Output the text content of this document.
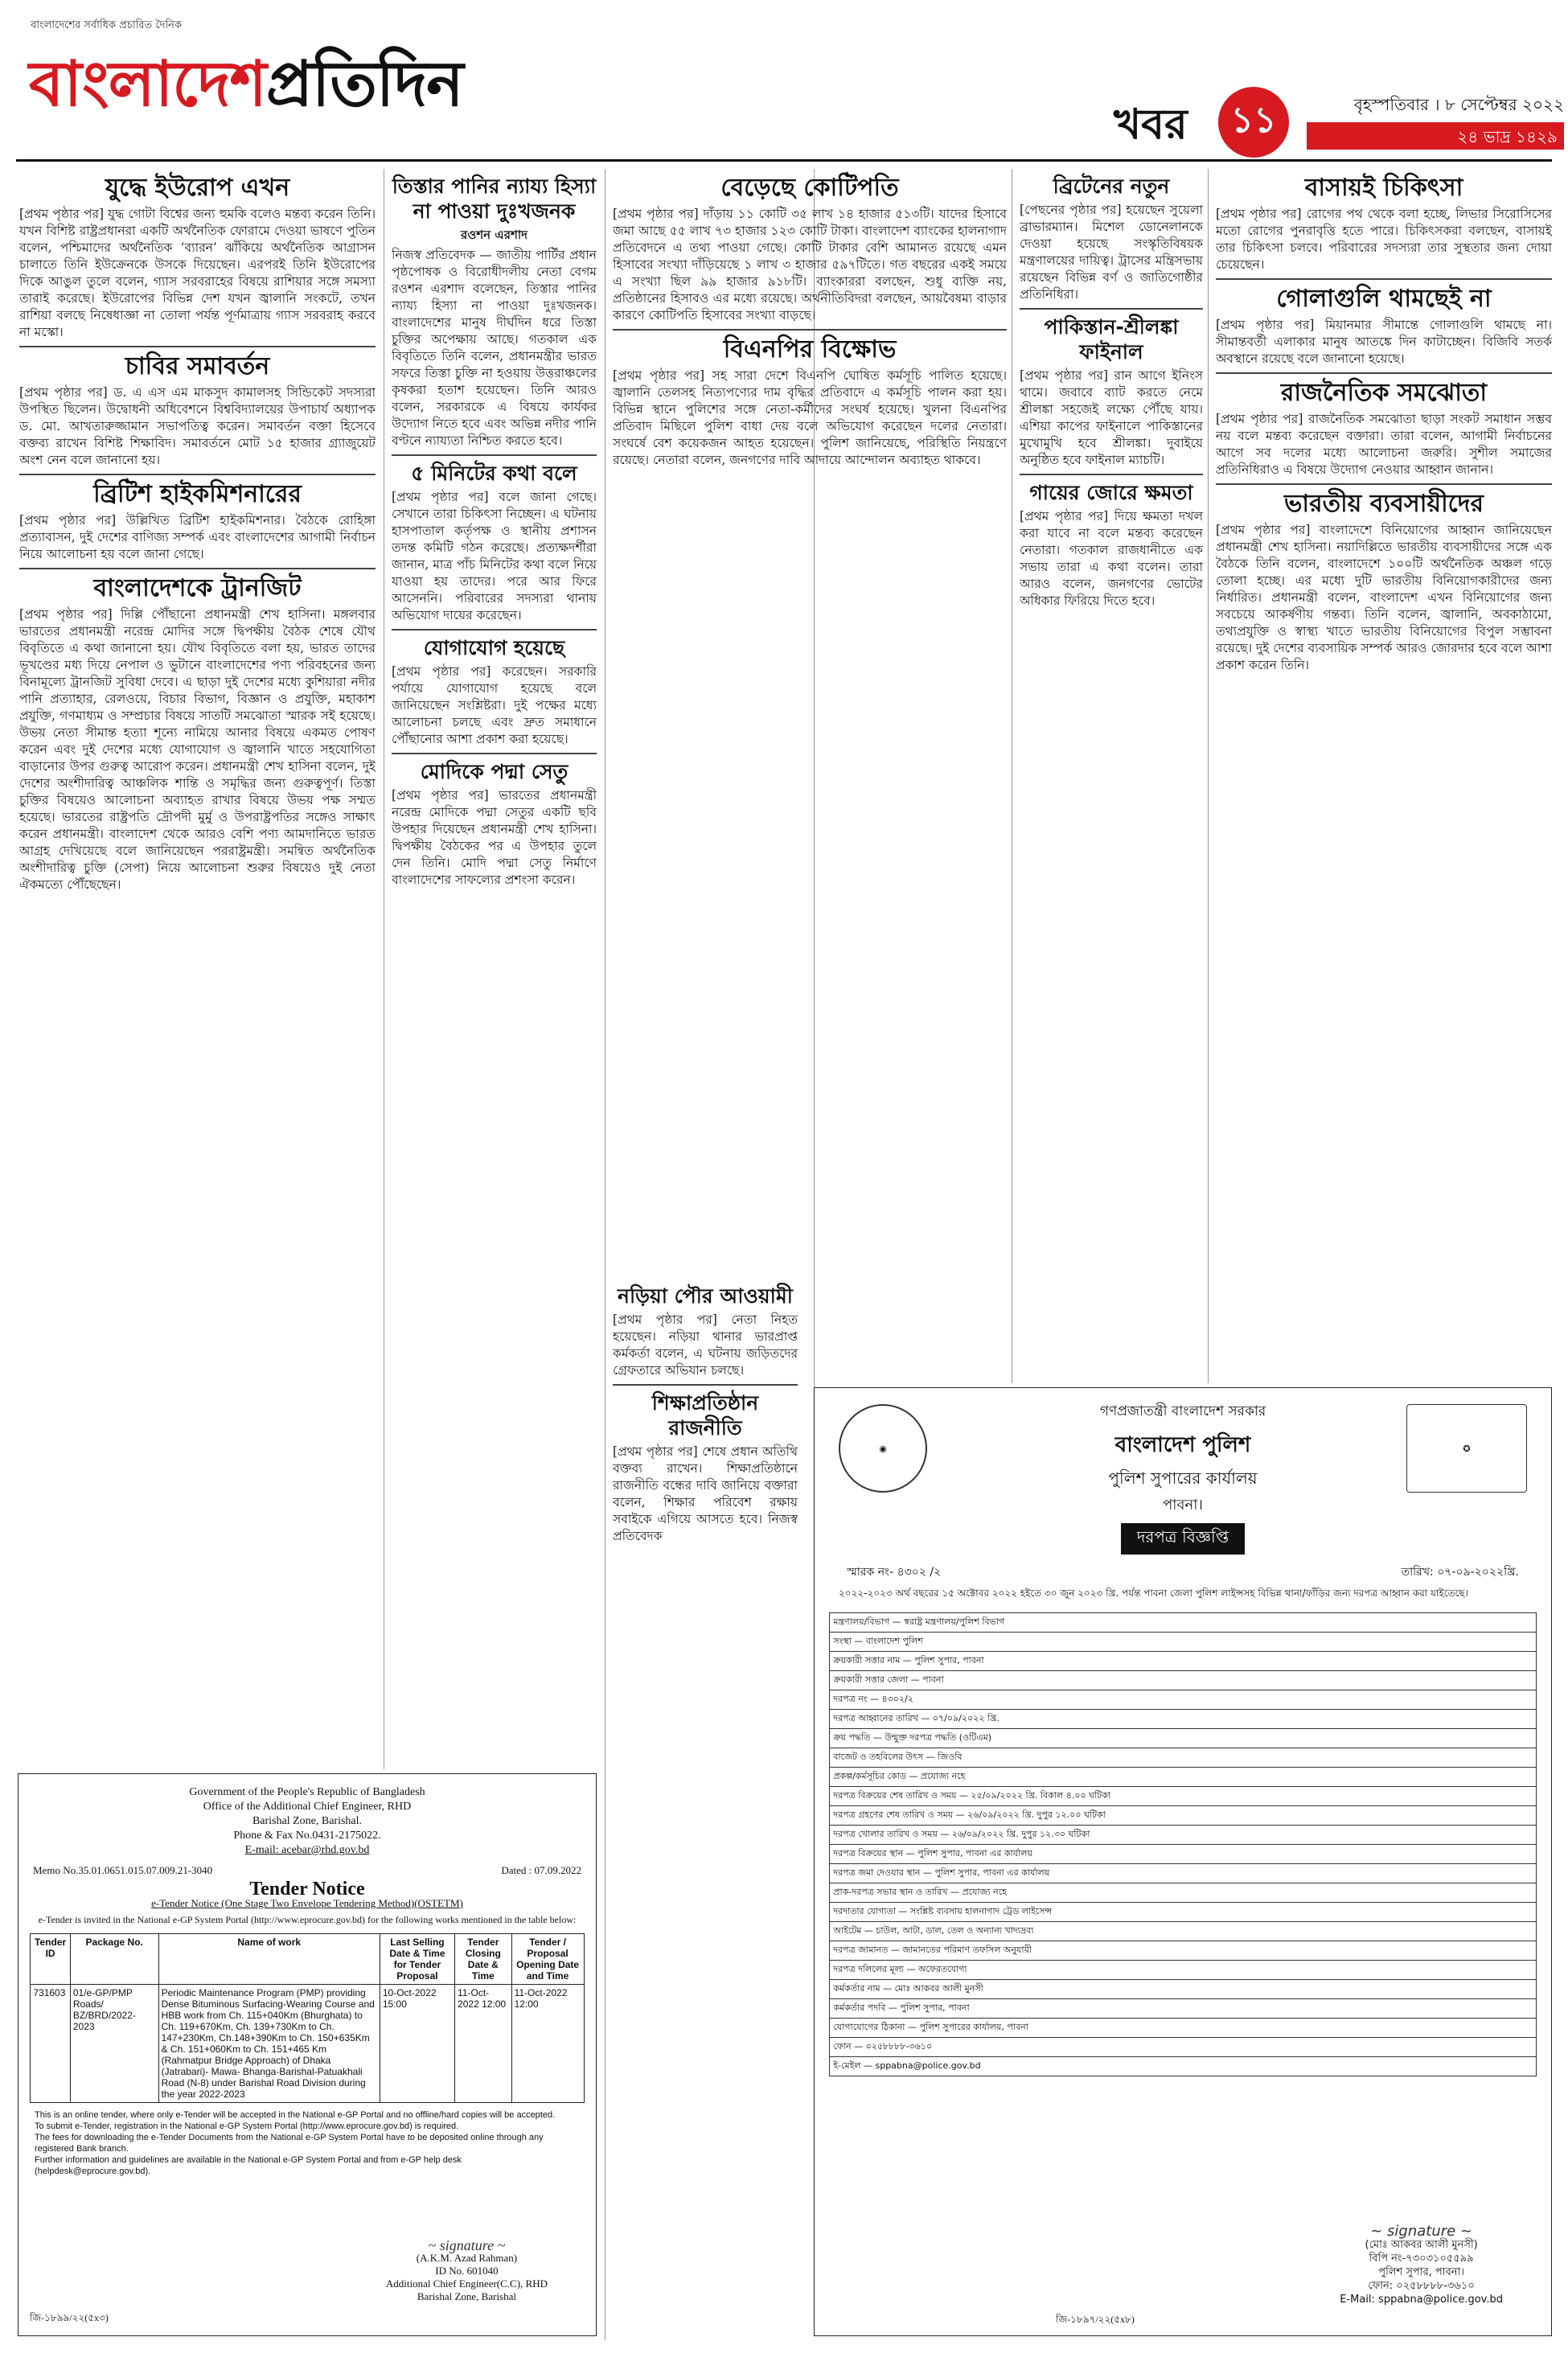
বাংলাদেশের সর্বাধিক প্রচারিত দৈনিক
বাংলাদেশপ্রতিদিন
খবর	১১	বৃহস্পতিবার । ৮ সেপ্টেম্বর ২০২২
২৪ ভাদ্র ১৪২৯
যুদ্ধে ইউরোপ এখন

[প্রথম পৃষ্ঠার পর] যুদ্ধ গোটা বিশ্বের জন্য হুমকি বলেও মন্তব্য করেন তিনি। যখন বিশিষ্ট রাষ্ট্রপ্রধানরা একটি অর্থনৈতিক ফোরামে দেওয়া ভাষণে পুতিন বলেন, পশ্চিমাদের অর্থনৈতিক ‘ব্যারন’ ঝাঁকিয়ে অর্থনৈতিক আগ্রাসন চালাতে তিনি ইউক্রেনকে উসকে দিয়েছেন। এরপরই তিনি ইউরোপের দিকে আঙুল তুলে বলেন, গ্যাস সরবরাহের বিষয়ে রাশিয়ার সঙ্গে সমস্যা তারাই করেছে। ইউরোপের বিভিন্ন দেশ যখন জ্বালানি সংকটে, তখন রাশিয়া বলছে নিষেধাজ্ঞা না তোলা পর্যন্ত পূর্ণমাত্রায় গ্যাস সরবরাহ করবে না মস্কো।

চাবির সমাবর্তন

[প্রথম পৃষ্ঠার পর] ড. এ এস এম মাকসুদ কামালসহ সিন্ডিকেট সদস্যরা উপস্থিত ছিলেন। উদ্বোধনী অধিবেশনে বিশ্ববিদ্যালয়ের উপাচার্য অধ্যাপক ড. মো. আখতারুজ্জামান সভাপতিত্ব করেন। সমাবর্তন বক্তা হিসেবে বক্তব্য রাখেন বিশিষ্ট শিক্ষাবিদ। সমাবর্তনে মোট ১৫ হাজার গ্র্যাজুয়েট অংশ নেন বলে জানানো হয়।

ব্রিটিশ হাইকমিশনারের

[প্রথম পৃষ্ঠার পর] উল্লিখিত ব্রিটিশ হাইকমিশনার। বৈঠকে রোহিঙ্গা প্রত্যাবাসন, দুই দেশের বাণিজ্য সম্পর্ক এবং বাংলাদেশের আগামী নির্বাচন নিয়ে আলোচনা হয় বলে জানা গেছে।

বাংলাদেশকে ট্রানজিট

[প্রথম পৃষ্ঠার পর] দিল্লি পৌঁছানো প্রধানমন্ত্রী শেখ হাসিনা। মঙ্গলবার ভারতের প্রধানমন্ত্রী নরেন্দ্র মোদির সঙ্গে দ্বিপক্ষীয় বৈঠক শেষে যৌথ বিবৃতিতে এ কথা জানানো হয়। যৌথ বিবৃতিতে বলা হয়, ভারত তাদের ভূখণ্ডের মধ্য দিয়ে নেপাল ও ভুটানে বাংলাদেশের পণ্য পরিবহনের জন্য বিনামূল্যে ট্রানজিট সুবিধা দেবে। এ ছাড়া দুই দেশের মধ্যে কুশিয়ারা নদীর পানি প্রত্যাহার, রেলওয়ে, বিচার বিভাগ, বিজ্ঞান ও প্রযুক্তি, মহাকাশ প্রযুক্তি, গণমাধ্যম ও সম্প্রচার বিষয়ে সাতটি সমঝোতা স্মারক সই হয়েছে। উভয় নেতা সীমান্ত হত্যা শূন্যে নামিয়ে আনার বিষয়ে একমত পোষণ করেন এবং দুই দেশের মধ্যে যোগাযোগ ও জ্বালানি খাতে সহযোগিতা বাড়ানোর উপর গুরুত্ব আরোপ করেন। প্রধানমন্ত্রী শেখ হাসিনা বলেন, দুই দেশের অংশীদারিত্ব আঞ্চলিক শান্তি ও সমৃদ্ধির জন্য গুরুত্বপূর্ণ। তিস্তা চুক্তির বিষয়েও আলোচনা অব্যাহত রাখার বিষয়ে উভয় পক্ষ সম্মত হয়েছে। ভারতের রাষ্ট্রপতি দ্রৌপদী মুর্মু ও উপরাষ্ট্রপতির সঙ্গেও সাক্ষাৎ করেন প্রধানমন্ত্রী। বাংলাদেশ থেকে আরও বেশি পণ্য আমদানিতে ভারত আগ্রহ দেখিয়েছে বলে জানিয়েছেন পররাষ্ট্রমন্ত্রী। সমন্বিত অর্থনৈতিক অংশীদারিত্ব চুক্তি (সেপা) নিয়ে আলোচনা শুরুর বিষয়েও দুই নেতা ঐকমত্যে পৌঁছেছেন।

তিস্তার পানির ন্যায্য হিস্যা না পাওয়া দুঃখজনক
রওশন এরশাদ

নিজস্ব প্রতিবেদক — জাতীয় পার্টির প্রধান পৃষ্ঠপোষক ও বিরোধীদলীয় নেতা বেগম রওশন এরশাদ বলেছেন, তিস্তার পানির ন্যায্য হিস্যা না পাওয়া দুঃখজনক। বাংলাদেশের মানুষ দীর্ঘদিন ধরে তিস্তা চুক্তির অপেক্ষায় আছে। গতকাল এক বিবৃতিতে তিনি বলেন, প্রধানমন্ত্রীর ভারত সফরে তিস্তা চুক্তি না হওয়ায় উত্তরাঞ্চলের কৃষকরা হতাশ হয়েছেন। তিনি আরও বলেন, সরকারকে এ বিষয়ে কার্যকর উদ্যোগ নিতে হবে এবং অভিন্ন নদীর পানি বণ্টনে ন্যায্যতা নিশ্চিত করতে হবে।

৫ মিনিটের কথা বলে

[প্রথম পৃষ্ঠার পর] বলে জানা গেছে। সেখানে তারা চিকিৎসা নিচ্ছেন। এ ঘটনায় হাসপাতাল কর্তৃপক্ষ ও স্থানীয় প্রশাসন তদন্ত কমিটি গঠন করেছে। প্রত্যক্ষদর্শীরা জানান, মাত্র পাঁচ মিনিটের কথা বলে নিয়ে যাওয়া হয় তাদের। পরে আর ফিরে আসেননি। পরিবারের সদস্যরা থানায় অভিযোগ দায়ের করেছেন।

যোগাযোগ হয়েছে

[প্রথম পৃষ্ঠার পর] করেছেন। সরকারি পর্যায়ে যোগাযোগ হয়েছে বলে জানিয়েছেন সংশ্লিষ্টরা। দুই পক্ষের মধ্যে আলোচনা চলছে এবং দ্রুত সমাধানে পৌঁছানোর আশা প্রকাশ করা হয়েছে।

মোদিকে পদ্মা সেতু

[প্রথম পৃষ্ঠার পর] ভারতের প্রধানমন্ত্রী নরেন্দ্র মোদিকে পদ্মা সেতুর একটি ছবি উপহার দিয়েছেন প্রধানমন্ত্রী শেখ হাসিনা। দ্বিপক্ষীয় বৈঠকের পর এ উপহার তুলে দেন তিনি। মোদি পদ্মা সেতু নির্মাণে বাংলাদেশের সাফল্যের প্রশংসা করেন।

বেড়েছে কোটিপতি

[প্রথম পৃষ্ঠার পর] দাঁড়ায় ১১ কোটি ৩৫ লাখ ১৪ হাজার ৫১৩টি। যাদের হিসাবে জমা আছে ৫৫ লাখ ৭৩ হাজার ১২৩ কোটি টাকা। বাংলাদেশ ব্যাংকের হালনাগাদ প্রতিবেদনে এ তথ্য পাওয়া গেছে। কোটি টাকার বেশি আমানত রয়েছে এমন হিসাবের সংখ্যা দাঁড়িয়েছে ১ লাখ ৩ হাজার ৫৯৭টিতে। গত বছরের একই সময়ে এ সংখ্যা ছিল ৯৯ হাজার ৯১৮টি। ব্যাংকাররা বলছেন, শুধু ব্যক্তি নয়, প্রতিষ্ঠানের হিসাবও এর মধ্যে রয়েছে। অর্থনীতিবিদরা বলছেন, আয়বৈষম্য বাড়ার কারণে কোটিপতি হিসাবের সংখ্যা বাড়ছে।

বিএনপির বিক্ষোভ

[প্রথম পৃষ্ঠার পর] সহ সারা দেশে বিএনপি ঘোষিত কর্মসূচি পালিত হয়েছে। জ্বালানি তেলসহ নিত্যপণ্যের দাম বৃদ্ধির প্রতিবাদে এ কর্মসূচি পালন করা হয়। বিভিন্ন স্থানে পুলিশের সঙ্গে নেতা-কর্মীদের সংঘর্ষ হয়েছে। খুলনা বিএনপির প্রতিবাদ মিছিলে পুলিশ বাধা দেয় বলে অভিযোগ করেছেন দলের নেতারা। সংঘর্ষে বেশ কয়েকজন আহত হয়েছেন। পুলিশ জানিয়েছে, পরিস্থিতি নিয়ন্ত্রণে রয়েছে। নেতারা বলেন, জনগণের দাবি আদায়ে আন্দোলন অব্যাহত থাকবে।

ব্রিটেনের নতুন

[পেছনের পৃষ্ঠার পর] হয়েছেন সুয়েলা ব্রাভারম্যান। মিশেল ডোনেলানকে দেওয়া হয়েছে সংস্কৃতিবিষয়ক মন্ত্রণালয়ের দায়িত্ব। ট্রাসের মন্ত্রিসভায় রয়েছেন বিভিন্ন বর্ণ ও জাতিগোষ্ঠীর প্রতিনিধিরা।

পাকিস্তান-শ্রীলঙ্কা ফাইনাল

[প্রথম পৃষ্ঠার পর] রান আগে ইনিংস থামে। জবাবে ব্যাট করতে নেমে শ্রীলঙ্কা সহজেই লক্ষ্যে পৌঁছে যায়। এশিয়া কাপের ফাইনালে পাকিস্তানের মুখোমুখি হবে শ্রীলঙ্কা। দুবাইয়ে অনুষ্ঠিত হবে ফাইনাল ম্যাচটি।

গায়ের জোরে ক্ষমতা

[প্রথম পৃষ্ঠার পর] দিয়ে ক্ষমতা দখল করা যাবে না বলে মন্তব্য করেছেন নেতারা। গতকাল রাজধানীতে এক সভায় তারা এ কথা বলেন। তারা আরও বলেন, জনগণের ভোটের অধিকার ফিরিয়ে দিতে হবে।

বাসায়ই চিকিৎসা

[প্রথম পৃষ্ঠার পর] রোগের পথ থেকে বলা হচ্ছে, লিভার সিরোসিসের মতো রোগের পুনরাবৃত্তি হতে পারে। চিকিৎসকরা বলছেন, বাসায়ই তার চিকিৎসা চলবে। পরিবারের সদস্যরা তার সুস্থতার জন্য দোয়া চেয়েছেন।

গোলাগুলি থামছেই না

[প্রথম পৃষ্ঠার পর] মিয়ানমার সীমান্তে গোলাগুলি থামছে না। সীমান্তবর্তী এলাকার মানুষ আতঙ্কে দিন কাটাচ্ছেন। বিজিবি সতর্ক অবস্থানে রয়েছে বলে জানানো হয়েছে।

রাজনৈতিক সমঝোতা

[প্রথম পৃষ্ঠার পর] রাজনৈতিক সমঝোতা ছাড়া সংকট সমাধান সম্ভব নয় বলে মন্তব্য করেছেন বক্তারা। তারা বলেন, আগামী নির্বাচনের আগে সব দলের মধ্যে আলোচনা জরুরি। সুশীল সমাজের প্রতিনিধিরাও এ বিষয়ে উদ্যোগ নেওয়ার আহ্বান জানান।

ভারতীয় ব্যবসায়ীদের

[প্রথম পৃষ্ঠার পর] বাংলাদেশে বিনিয়োগের আহ্বান জানিয়েছেন প্রধানমন্ত্রী শেখ হাসিনা। নয়াদিল্লিতে ভারতীয় ব্যবসায়ীদের সঙ্গে এক বৈঠকে তিনি বলেন, বাংলাদেশে ১০০টি অর্থনৈতিক অঞ্চল গড়ে তোলা হচ্ছে। এর মধ্যে দুটি ভারতীয় বিনিয়োগকারীদের জন্য নির্ধারিত। প্রধানমন্ত্রী বলেন, বাংলাদেশ এখন বিনিয়োগের জন্য সবচেয়ে আকর্ষণীয় গন্তব্য। তিনি বলেন, জ্বালানি, অবকাঠামো, তথ্যপ্রযুক্তি ও স্বাস্থ্য খাতে ভারতীয় বিনিয়োগের বিপুল সম্ভাবনা রয়েছে। দুই দেশের ব্যবসায়িক সম্পর্ক আরও জোরদার হবে বলে আশা প্রকাশ করেন তিনি।

নড়িয়া পৌর আওয়ামী

[প্রথম পৃষ্ঠার পর] নেতা নিহত হয়েছেন। নড়িয়া থানার ভারপ্রাপ্ত কর্মকর্তা বলেন, এ ঘটনায় জড়িতদের গ্রেফতারে অভিযান চলছে।

শিক্ষাপ্রতিষ্ঠান রাজনীতি

[প্রথম পৃষ্ঠার পর] শেষে প্রধান অতিথি বক্তব্য রাখেন। শিক্ষাপ্রতিষ্ঠানে রাজনীতি বন্ধের দাবি জানিয়ে বক্তারা বলেন, শিক্ষার পরিবেশ রক্ষায় সবাইকে এগিয়ে আসতে হবে। নিজস্ব প্রতিবেদক

Government of the People's Republic of Bangladesh
Office of the Additional Chief Engineer, RHD
Barishal Zone, Barishal.
Phone & Fax No.0431-2175022.
E-mail: acebar@rhd.gov.bd
Memo No.35.01.0651.015.07.009.21-3040	Dated : 07.09.2022
Tender Notice
e-Tender Notice (One Stage Two Envelope Tendering Method)(OSTETM)
e-Tender is invited in the National e-GP System Portal (http://www.eprocure.gov.bd) for the following works mentioned in the table below:
Tender ID	Package No.	Name of work	Last Selling Date & Time for Tender Proposal	Tender Closing Date & Time	Tender / Proposal Opening Date and Time
731603	01/e-GP/PMP Roads/ BZ/BRD/2022-2023	Periodic Maintenance Program (PMP) providing Dense Bituminous Surfacing-Wearing Course and HBB work from Ch. 115+040Km (Bhurghata) to Ch. 119+670Km, Ch. 139+730Km to Ch. 147+230Km, Ch.148+390Km to Ch. 150+635Km & Ch. 151+060Km to Ch. 151+465 Km (Rahmatpur Bridge Approach) of Dhaka (Jatrabari)- Mawa- Bhanga-Barishal-Patuakhali Road (N-8) under Barishal Road Division during the year 2022-2023	10-Oct-2022 15:00	11-Oct-2022 12:00	11-Oct-2022 12:00
This is an online tender, where only e-Tender will be accepted in the National e-GP Portal and no offline/hard copies will be accepted.
To submit e-Tender, registration in the National e-GP System Portal (http://www.eprocure.gov.bd) is required.
The fees for downloading the e-Tender Documents from the National e-GP System Portal have to be deposited online through any registered Bank branch.
Further information and guidelines are available in the National e-GP System Portal and from e-GP help desk (helpdesk@eprocure.gov.bd).
~ signature ~
(A.K.M. Azad Rahman)
ID No. 601040
Additional Chief Engineer(C.C), RHD
Barishal Zone, Barishal
জি-১৮৯৯/২২(৫x৩)
◉	✪
গণপ্রজাতন্ত্রী বাংলাদেশ সরকার
বাংলাদেশ পুলিশ
পুলিশ সুপারের কার্যালয়
পাবনা।
দরপত্র বিজ্ঞপ্তি
স্মারক নং- ৪৩০২ /২	তারিখ: ০৭-০৯-২০২২খ্রি.
২০২২-২০২৩ অর্থ বছরের ১৫ অক্টোবর ২০২২ হইতে ৩০ জুন ২০২৩ খ্রি. পর্যন্ত পাবনা জেলা পুলিশ লাইন্সসহ বিভিন্ন থানা/ফাঁড়ির জন্য দরপত্র আহ্বান করা যাইতেছে।
মন্ত্রণালয়/বিভাগ — স্বরাষ্ট্র মন্ত্রণালয়/পুলিশ বিভাগ
সংস্থা — বাংলাদেশ পুলিশ
ক্রয়কারী সত্তার নাম — পুলিশ সুপার, পাবনা
ক্রয়কারী সত্তার জেলা — পাবনা
দরপত্র নং — ৪৩০২/২
দরপত্র আহ্বানের তারিখ — ০৭/০৯/২০২২ খ্রি.
ক্রয় পদ্ধতি — উন্মুক্ত দরপত্র পদ্ধতি (ওটিএম)
বাজেট ও তহবিলের উৎস — জিওবি
প্রকল্প/কর্মসূচির কোড — প্রযোজ্য নহে
দরপত্র বিক্রয়ের শেষ তারিখ ও সময় — ২৫/০৯/২০২২ খ্রি. বিকাল ৪.০০ ঘটিকা
দরপত্র গ্রহণের শেষ তারিখ ও সময় — ২৬/০৯/২০২২ খ্রি. দুপুর ১২.০০ ঘটিকা
দরপত্র খোলার তারিখ ও সময় — ২৬/০৯/২০২২ খ্রি. দুপুর ১২.৩০ ঘটিকা
দরপত্র বিক্রয়ের স্থান — পুলিশ সুপার, পাবনা এর কার্যালয়
দরপত্র জমা দেওয়ার স্থান — পুলিশ সুপার, পাবনা এর কার্যালয়
প্রাক-দরপত্র সভার স্থান ও তারিখ — প্রযোজ্য নহে
দরদাতার যোগ্যতা — সংশ্লিষ্ট ব্যবসায় হালনাগাদ ট্রেড লাইসেন্স
আইটেম — চাউল, আটা, ডাল, তেল ও অন্যান্য খাদ্যদ্রব্য
দরপত্র জামানত — জামানতের পরিমাণ তফসিল অনুযায়ী
দরপত্র দলিলের মূল্য — অফেরতযোগ্য
কর্মকর্তার নাম — মোঃ আকবর আলী মুনসী
কর্মকর্তার পদবি — পুলিশ সুপার, পাবনা
যোগাযোগের ঠিকানা — পুলিশ সুপারের কার্যালয়, পাবনা
ফোন — ০২৫৮৮৮৮-৩৬১০
ই-মেইল — sppabna@police.gov.bd
~ signature ~
(মোঃ আকবর আলী মুনসী)
বিপি নং-৭৩০৩১০৫৫৯৯
পুলিশ সুপার, পাবনা।
ফোন: ০২৫৮৮৮৮-৩৬১০
E-Mail: sppabna@police.gov.bd
জি-১৮৯৭/২২(৫x৮)
